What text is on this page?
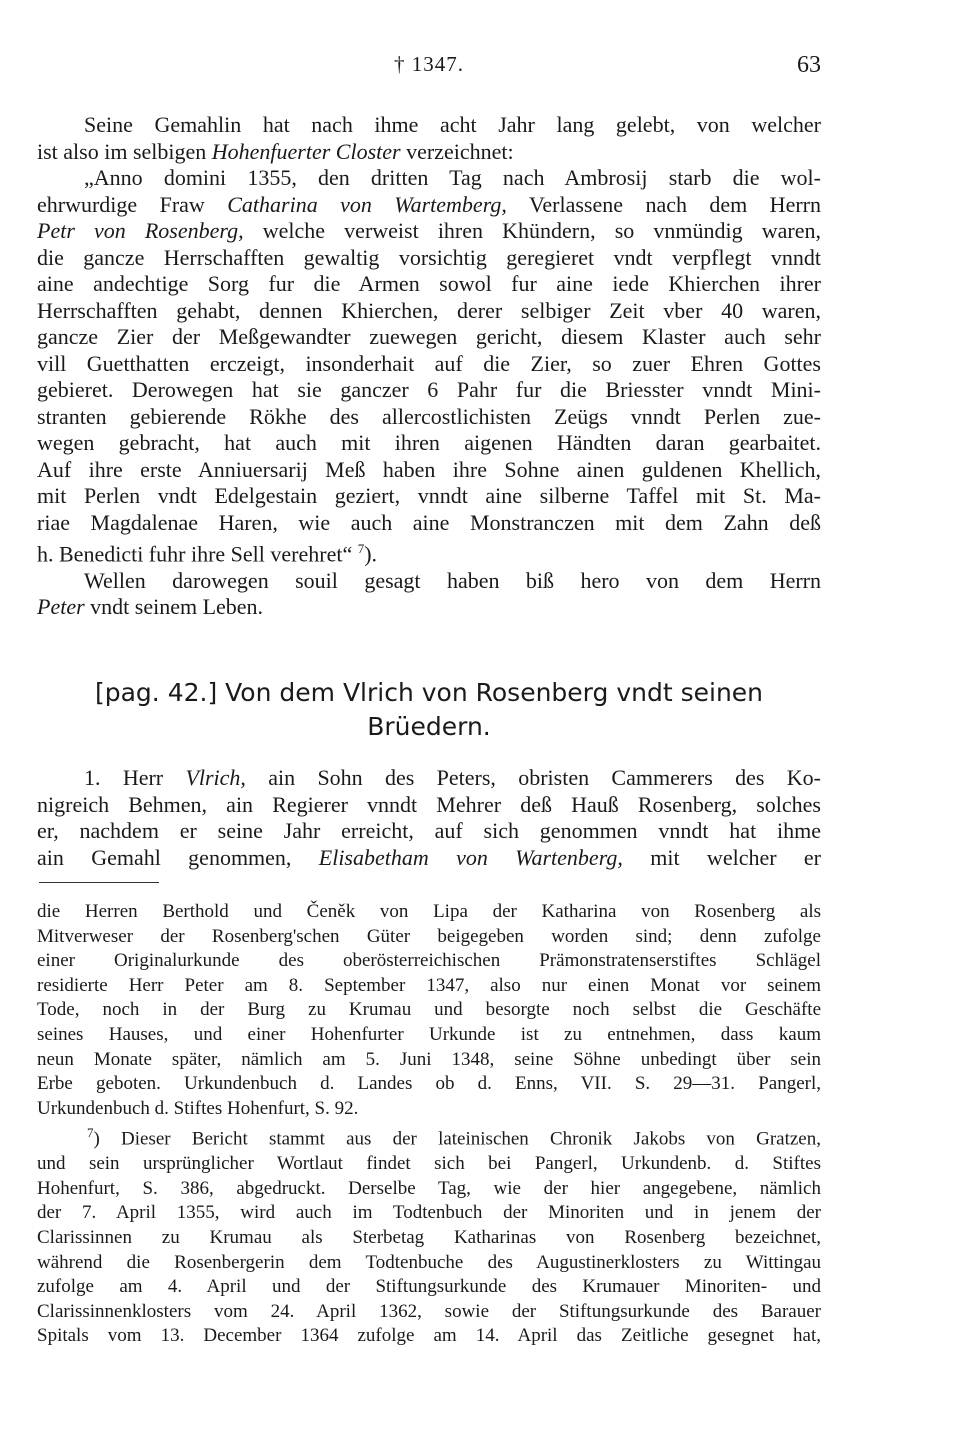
† 1347.	63

Seine Gemahlin hat nach ihme acht Jahr lang gelebt, von welcher

ist also im selbigen Hohenfuerter Closter verzeichnet:

„Anno domini 1355, den dritten Tag nach Ambrosij starb die wol-

ehrwurdige Fraw Catharina von Wartemberg, Verlassene nach dem Herrn

Petr von Rosenberg, welche verweist ihren Khündern, so vnmündig waren,

die gancze Herrschafften gewaltig vorsichtig geregieret vndt verpflegt vnndt

aine andechtige Sorg fur die Armen sowol fur aine iede Khierchen ihrer

Herrschafften gehabt, dennen Khierchen, derer selbiger Zeit vber 40 waren,

gancze Zier der Meßgewandter zuewegen gericht, diesem Klaster auch sehr

vill Guetthatten erczeigt, insonderhait auf die Zier, so zuer Ehren Gottes

gebieret. Derowegen hat sie ganczer 6 Pahr fur die Briesster vnndt Mini-

stranten gebierende Rökhe des allercostlichisten Zeügs vnndt Perlen zue-

wegen gebracht, hat auch mit ihren aigenen Händten daran gearbaitet.

Auf ihre erste Anniuersarij Meß haben ihre Sohne ainen guldenen Khellich,

mit Perlen vndt Edelgestain geziert, vnndt aine silberne Taffel mit St. Ma-

riae Magdalenae Haren, wie auch aine Monstranczen mit dem Zahn deß

h. Benedicti fuhr ihre Sell verehret“ $^7$).

Wellen darowegen souil gesagt haben biß hero von dem Herrn

Peter vndt seinem Leben.

[pag. 42.] Von dem Vlrich von Rosenberg vndt seinen
Brüedern.

1. Herr Vlrich, ain Sohn des Peters, obristen Cammerers des Ko-

nigreich Behmen, ain Regierer vnndt Mehrer deß Hauß Rosenberg, solches

er, nachdem er seine Jahr erreicht, auf sich genommen vnndt hat ihme

ain Gemahl genommen, Elisabetham von Wartenberg, mit welcher er

die Herren Berthold und Čeněk von Lipa der Katharina von Rosenberg als

Mitverweser der Rosenberg'schen Güter beigegeben worden sind; denn zufolge

einer Originalurkunde des oberösterreichischen Prämonstratenserstiftes Schlägel

residierte Herr Peter am 8. September 1347, also nur einen Monat vor seinem

Tode, noch in der Burg zu Krumau und besorgte noch selbst die Geschäfte

seines Hauses, und einer Hohenfurter Urkunde ist zu entnehmen, dass kaum

neun Monate später, nämlich am 5. Juni 1348, seine Söhne unbedingt über sein

Erbe geboten. Urkundenbuch d. Landes ob d. Enns, VII. S. 29—31. Pangerl,

Urkundenbuch d. Stiftes Hohenfurt, S. 92.

$^7$) Dieser Bericht stammt aus der lateinischen Chronik Jakobs von Gratzen,

und sein ursprünglicher Wortlaut findet sich bei Pangerl, Urkundenb. d. Stiftes

Hohenfurt, S. 386, abgedruckt. Derselbe Tag, wie der hier angegebene, nämlich

der 7. April 1355, wird auch im Todtenbuch der Minoriten und in jenem der

Clarissinnen zu Krumau als Sterbetag Katharinas von Rosenberg bezeichnet,

während die Rosenbergerin dem Todtenbuche des Augustinerklosters zu Wittingau

zufolge am 4. April und der Stiftungsurkunde des Krumauer Minoriten- und

Clarissinnenklosters vom 24. April 1362, sowie der Stiftungsurkunde des Barauer

Spitals vom 13. December 1364 zufolge am 14. April das Zeitliche gesegnet hat,
